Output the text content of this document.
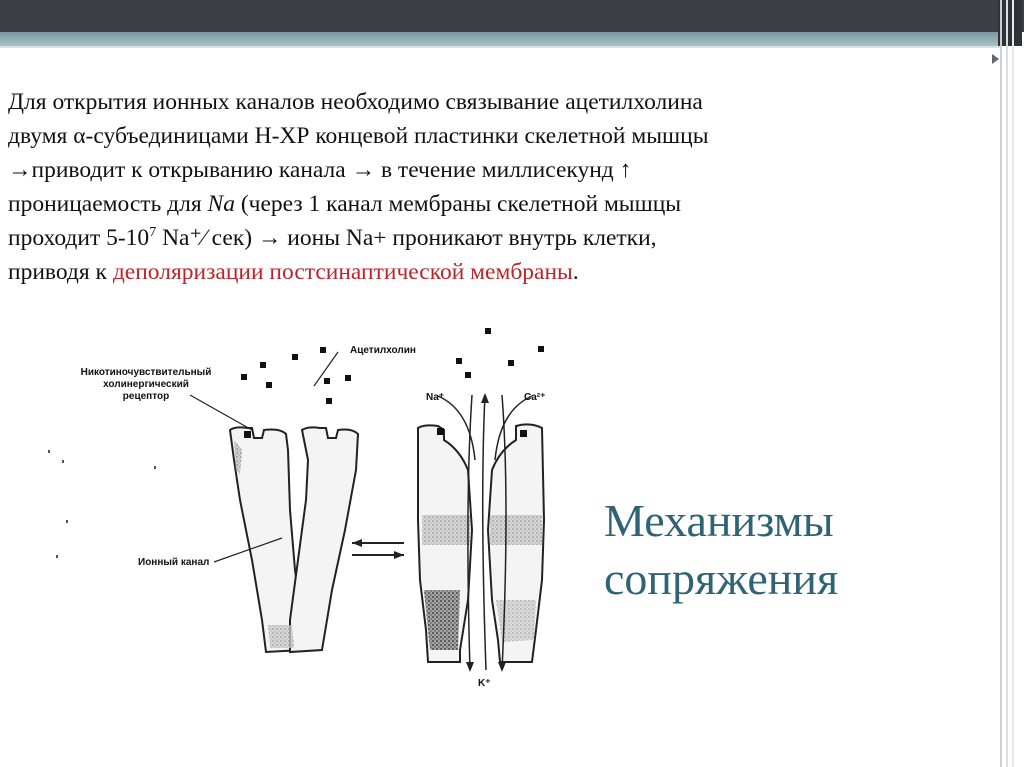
Для открытия ионных каналов необходимо связывание ацетилхолина
двумя α-субъединицами Н-ХР концевой пластинки скелетной мышцы
→приводит к открыванию канала → в течение миллисекунд ↑
проницаемость для Na (через 1 канал мембраны скелетной мышцы
проходит $5-10^7$ Na⁺⁄ сек) → ионы Na+ проникают внутрь клетки,
приводя к деполяризации постсинаптической мембраны.
Никотиночувствительный
холинергический
рецептор
Ацетилхолин
Ионный канал
Na⁺	Ca²⁺
K⁺
Механизмы
сопряжения
